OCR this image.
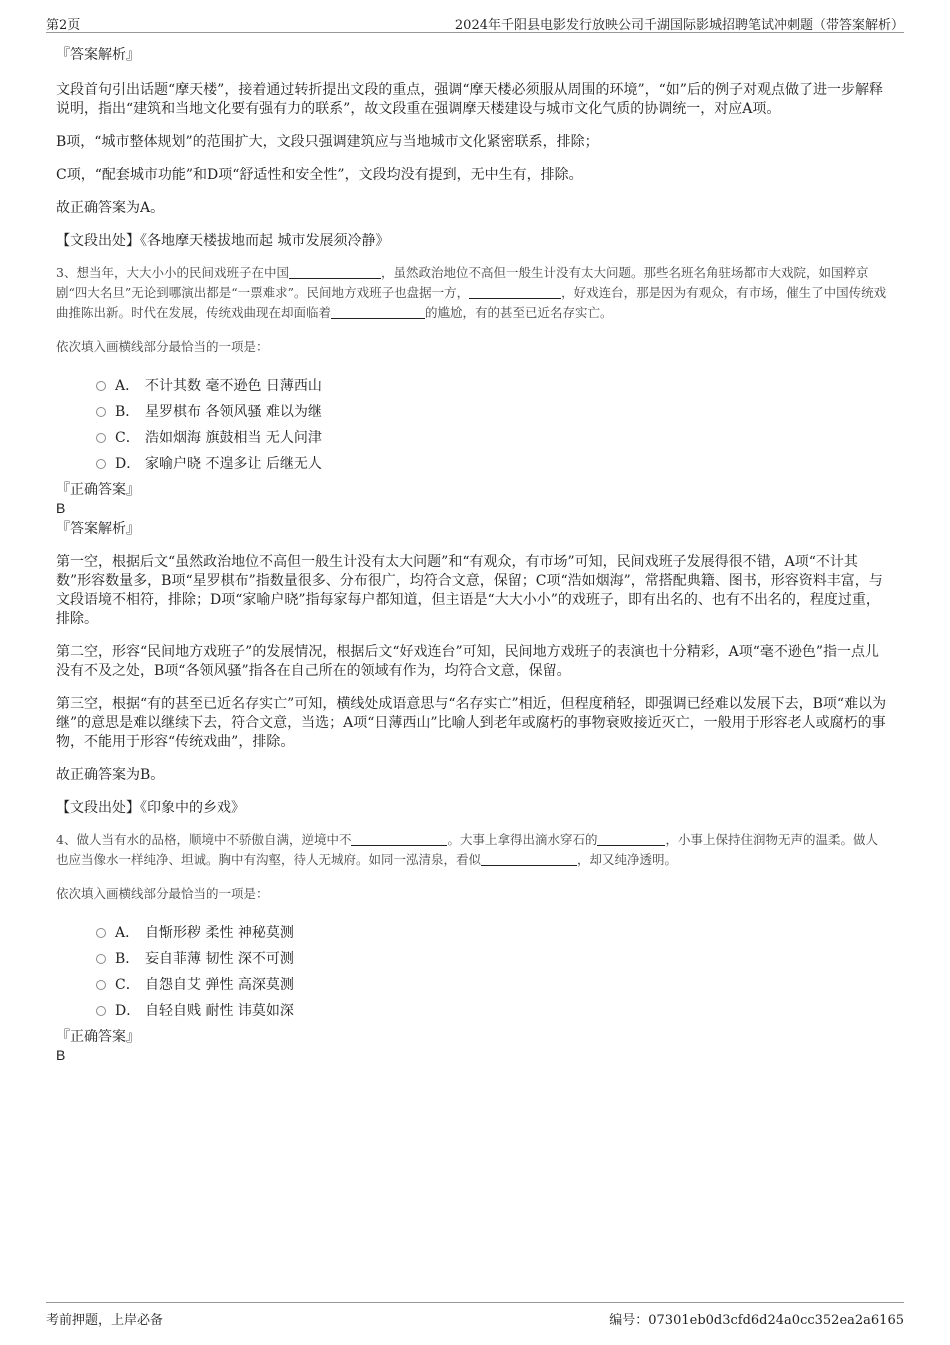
第2页	2024年千阳县电影发行放映公司千湖国际影城招聘笔试冲刺题（带答案解析）

『答案解析』

文段首句引出话题“摩天楼”，接着通过转折提出文段的重点，强调“摩天楼必须服从周围的环境”，“如”后的例子对观点做了进一步解释说明，指出“建筑和当地文化要有强有力的联系”，故文段重在强调摩天楼建设与城市文化气质的协调统一，对应A项。

B项，“城市整体规划”的范围扩大，文段只强调建筑应与当地城市文化紧密联系，排除；

C项，“配套城市功能”和D项“舒适性和安全性”，文段均没有提到，无中生有，排除。

故正确答案为A。

【文段出处】《各地摩天楼拔地而起 城市发展须冷静》

3、想当年，大大小小的民间戏班子在中国	，虽然政治地位不高但一般生计没有太大问题。那些名班名角驻场都市大戏院，如国粹京剧“四大名旦”无论到哪演出都是“一票难求”。民间地方戏班子也盘据一方，	，好戏连台，那是因为有观众，有市场，催生了中国传统戏曲推陈出新。时代在发展，传统戏曲现在却面临着	的尴尬，有的甚至已近名存实亡。

依次填入画横线部分最恰当的一项是：

A． 不计其数 毫不逊色 日薄西山
B． 星罗棋布 各领风骚 难以为继
C． 浩如烟海 旗鼓相当 无人问津
D． 家喻户晓 不遑多让 后继无人

『正确答案』

B

『答案解析』

第一空，根据后文“虽然政治地位不高但一般生计没有太大问题”和“有观众，有市场”可知，民间戏班子发展得很不错，A项“不计其数”形容数量多，B项“星罗棋布”指数量很多、分布很广，均符合文意，保留；C项“浩如烟海”，常搭配典籍、图书，形容资料丰富，与文段语境不相符，排除；D项“家喻户晓”指每家每户都知道，但主语是“大大小小”的戏班子，即有出名的、也有不出名的，程度过重，排除。

第二空，形容“民间地方戏班子”的发展情况，根据后文“好戏连台”可知，民间地方戏班子的表演也十分精彩，A项“毫不逊色”指一点儿没有不及之处，B项“各领风骚”指各在自己所在的领域有作为，均符合文意，保留。

第三空，根据“有的甚至已近名存实亡”可知，横线处成语意思与“名存实亡”相近，但程度稍轻，即强调已经难以发展下去，B项“难以为继”的意思是难以继续下去，符合文意，当选；A项“日薄西山”比喻人到老年或腐朽的事物衰败接近灭亡，一般用于形容老人或腐朽的事物，不能用于形容“传统戏曲”，排除。

故正确答案为B。

【文段出处】《印象中的乡戏》

4、做人当有水的品格，顺境中不骄傲自满，逆境中不	。大事上拿得出滴水穿石的	，小事上保持住润物无声的温柔。做人也应当像水一样纯净、坦诚。胸中有沟壑，待人无城府。如同一泓清泉，看似	，却又纯净透明。

依次填入画横线部分最恰当的一项是：

A． 自惭形秽 柔性 神秘莫测
B． 妄自菲薄 韧性 深不可测
C． 自怨自艾 弹性 高深莫测
D． 自轻自贱 耐性 讳莫如深

『正确答案』

B

考前押题，上岸必备	编号：07301eb0d3cfd6d24a0cc352ea2a6165
